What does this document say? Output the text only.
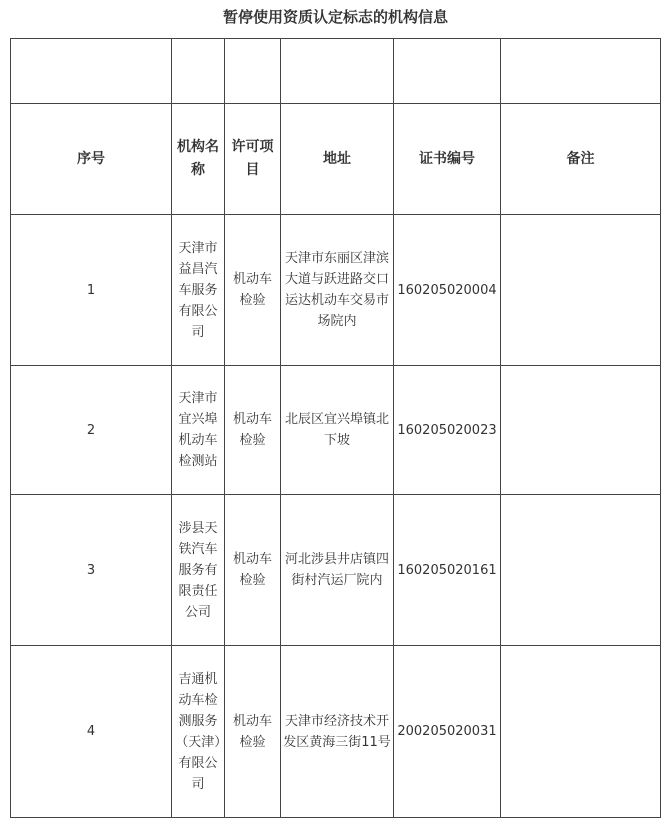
暂停使用资质认定标志的机构信息

序号	机构名称	许可项目	地址	证书编号	备注
1	天津市益昌汽车服务有限公司	机动车检验	天津市东丽区津滨大道与跃进路交口运达机动车交易市场院内	160205020004	
2	天津市宜兴埠机动车检测站	机动车检验	北辰区宜兴埠镇北下坡	160205020023	
3	涉县天铁汽车服务有限责任公司	机动车检验	河北涉县井店镇四街村汽运厂院内	160205020161	
4	吉通机动车检测服务（天津）有限公司	机动车检验	天津市经济技术开发区黄海三街11号	200205020031	
